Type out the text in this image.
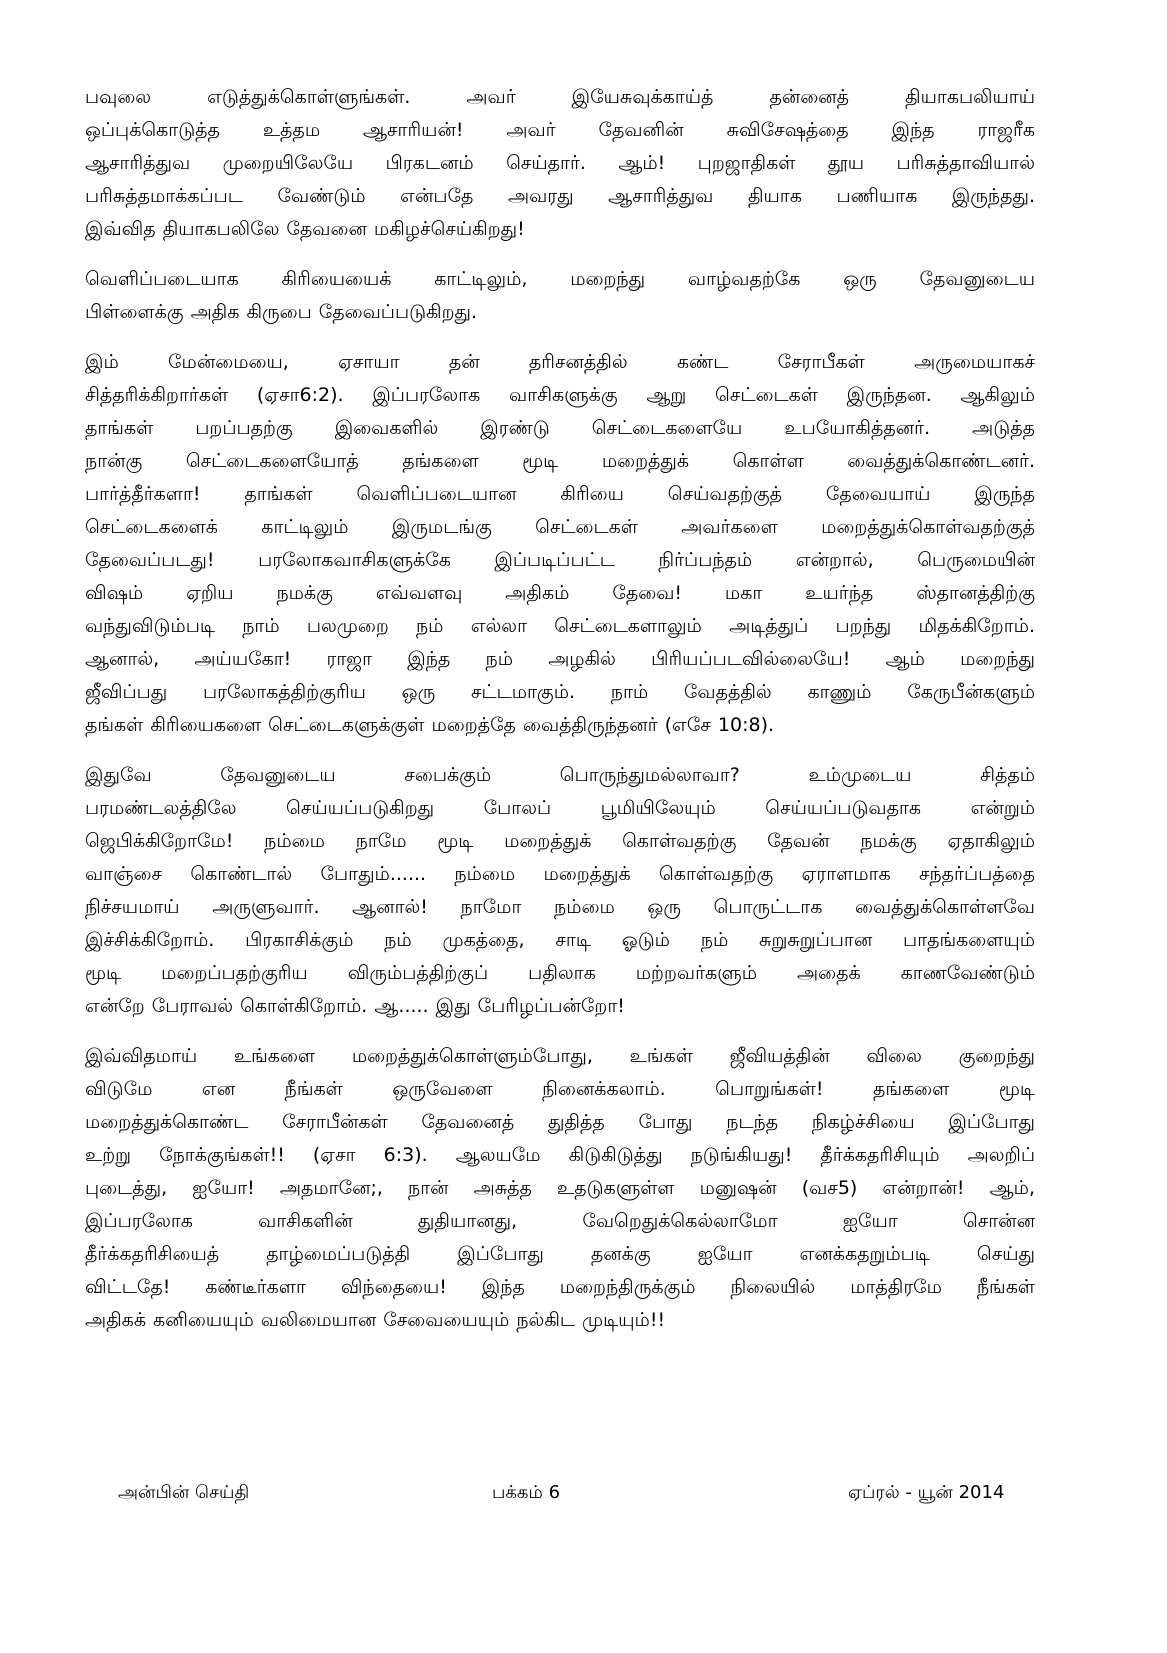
பவுலை எடுத்துக்கொள்ளுங்கள். அவர் இயேசுவுக்காய்த் தன்னைத் தியாகபலியாய்
ஒப்புக்கொடுத்த உத்தம ஆசாரியன்! அவர் தேவனின் சுவிசேஷத்தை இந்த ராஜரீக
ஆசாரித்துவ முறையிலேயே பிரகடனம் செய்தார். ஆம்! புறஜாதிகள் தூய பரிசுத்தாவியால்
பரிசுத்தமாக்கப்பட வேண்டும் என்பதே அவரது ஆசாரித்துவ தியாக பணியாக இருந்தது.
இவ்வித தியாகபலிலே தேவனை மகிழச்செய்கிறது!
வெளிப்படையாக கிரியையைக் காட்டிலும், மறைந்து வாழ்வதற்கே ஒரு தேவனுடைய
பிள்ளைக்கு அதிக கிருபை தேவைப்படுகிறது.
இம் மேன்மையை, ஏசாயா தன் தரிசனத்தில் கண்ட சேராபீகள் அருமையாகச்
சித்தரிக்கிறார்கள் (ஏசா6:2). இப்பரலோக வாசிகளுக்கு ஆறு செட்டைகள் இருந்தன. ஆகிலும்
தாங்கள் பறப்பதற்கு இவைகளில் இரண்டு செட்டைகளையே உபயோகித்தனர். அடுத்த
நான்கு செட்டைகளையோத் தங்களை மூடி மறைத்துக் கொள்ள வைத்துக்கொண்டனர்.
பார்த்தீர்களா! தாங்கள் வெளிப்படையான கிரியை செய்வதற்குத் தேவையாய் இருந்த
செட்டைகளைக் காட்டிலும் இருமடங்கு செட்டைகள் அவர்களை மறைத்துக்கொள்வதற்குத்
தேவைப்படது! பரலோகவாசிகளுக்கே இப்படிப்பட்ட நிர்ப்பந்தம் என்றால், பெருமையின்
விஷம் ஏறிய நமக்கு எவ்வளவு அதிகம் தேவை! மகா உயர்ந்த ஸ்தானத்திற்கு
வந்துவிடும்படி நாம் பலமுறை நம் எல்லா செட்டைகளாலும் அடித்துப் பறந்து மிதக்கிறோம்.
ஆனால், அய்யகோ! ராஜா இந்த நம் அழகில் பிரியப்படவில்லையே! ஆம் மறைந்து
ஜீவிப்பது பரலோகத்திற்குரிய ஒரு சட்டமாகும். நாம் வேதத்தில் காணும் கேருபீன்களும்
தங்கள் கிரியைகளை செட்டைகளுக்குள் மறைத்தே வைத்திருந்தனர் (எசே 10:8).
இதுவே தேவனுடைய சபைக்கும் பொருந்துமல்லாவா? உம்முடைய சித்தம்
பரமண்டலத்திலே செய்யப்படுகிறது போலப் பூமியிலேயும் செய்யப்படுவதாக என்றும்
ஜெபிக்கிறோமே! நம்மை நாமே மூடி மறைத்துக் கொள்வதற்கு தேவன் நமக்கு ஏதாகிலும்
வாஞ்சை கொண்டால் போதும்...... நம்மை மறைத்துக் கொள்வதற்கு ஏராளமாக சந்தர்ப்பத்தை
நிச்சயமாய் அருளுவார். ஆனால்! நாமோ நம்மை ஒரு பொருட்டாக வைத்துக்கொள்ளவே
இச்சிக்கிறோம். பிரகாசிக்கும் நம் முகத்தை, சாடி ஓடும் நம் சுறுசுறுப்பான பாதங்களையும்
மூடி மறைப்பதற்குரிய விரும்பத்திற்குப் பதிலாக மற்றவர்களும் அதைக் காணவேண்டும்
என்றே பேராவல் கொள்கிறோம். ஆ..... இது பேரிழப்பன்றோ!
இவ்விதமாய் உங்களை மறைத்துக்கொள்ளும்போது, உங்கள் ஜீவியத்தின் விலை குறைந்து
விடுமே என நீங்கள் ஒருவேளை நினைக்கலாம். பொறுங்கள்! தங்களை மூடி
மறைத்துக்கொண்ட சேராபீன்கள் தேவனைத் துதித்த போது நடந்த நிகழ்ச்சியை இப்போது
உற்று நோக்குங்கள்!! (ஏசா 6:3). ஆலயமே கிடுகிடுத்து நடுங்கியது! தீர்க்கதரிசியும் அலறிப்
புடைத்து, ஐயோ! அதமானே;, நான் அசுத்த உதடுகளுள்ள மனுஷன் (வச5) என்றான்! ஆம்,
இப்பரலோக வாசிகளின் துதியானது, வேறெதுக்கெல்லாமோ ஐயோ சொன்ன
தீர்க்கதரிசியைத் தாழ்மைப்படுத்தி இப்போது தனக்கு ஐயோ எனக்கதறும்படி செய்து
விட்டதே! கண்டீர்களா விந்தையை! இந்த மறைந்திருக்கும் நிலையில் மாத்திரமே நீங்கள்
அதிகக் கனியையும் வலிமையான சேவையையும் நல்கிட முடியும்!!
அன்பின் செய்தி	பக்கம் 6	ஏப்ரல் - யூன் 2014
